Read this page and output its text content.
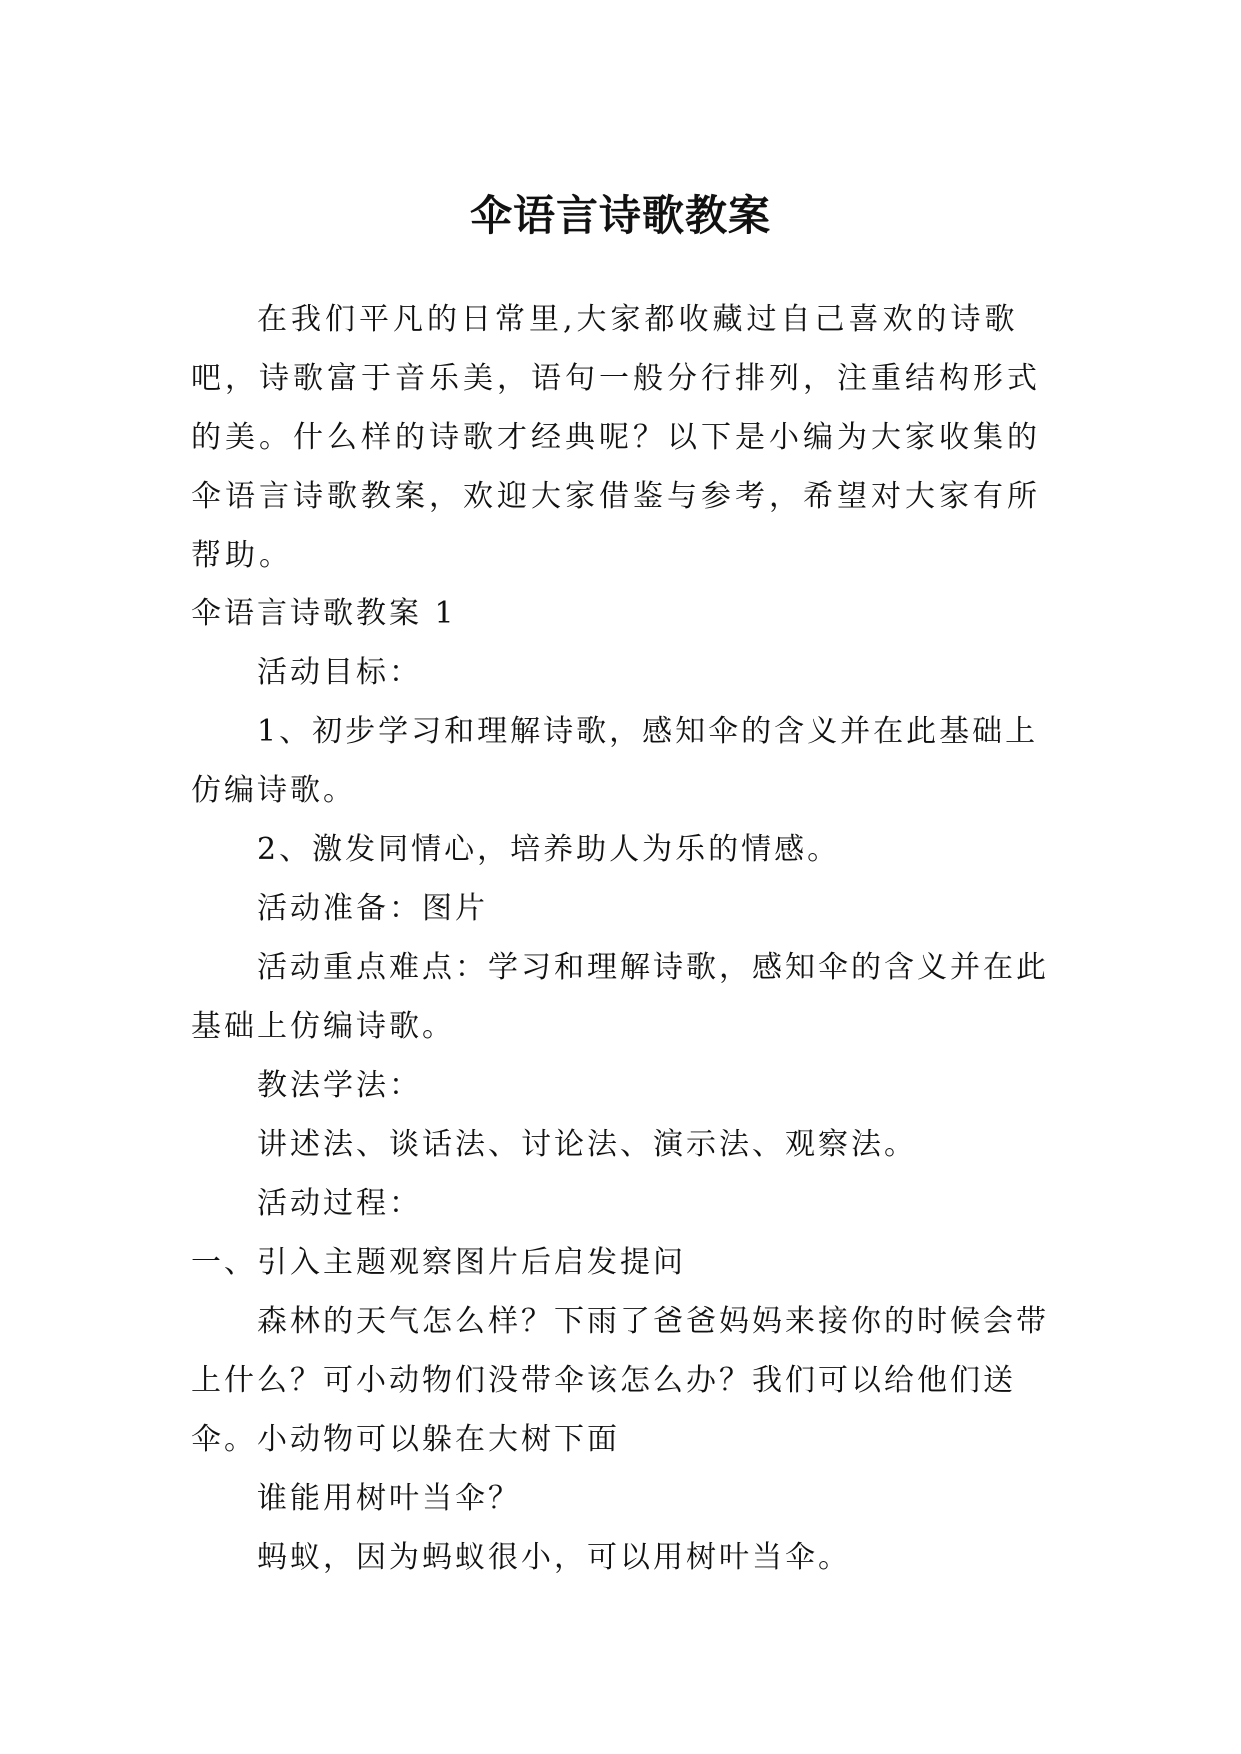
伞语言诗歌教案

在我们平凡的日常里,大家都收藏过自己喜欢的诗歌吧，诗歌富于音乐美，语句一般分行排列，注重结构形式的美。什么样的诗歌才经典呢？以下是小编为大家收集的伞语言诗歌教案，欢迎大家借鉴与参考，希望对大家有所帮助。

伞语言诗歌教案 1

活动目标：

1、初步学习和理解诗歌，感知伞的含义并在此基础上仿编诗歌。

2、激发同情心，培养助人为乐的情感。

活动准备：图片

活动重点难点：学习和理解诗歌，感知伞的含义并在此基础上仿编诗歌。

教法学法：

讲述法、谈话法、讨论法、演示法、观察法。

活动过程：

一、引入主题观察图片后启发提问

森林的天气怎么样？下雨了爸爸妈妈来接你的时候会带上什么？可小动物们没带伞该怎么办？我们可以给他们送伞。小动物可以躲在大树下面

谁能用树叶当伞？

蚂蚁，因为蚂蚁很小，可以用树叶当伞。
